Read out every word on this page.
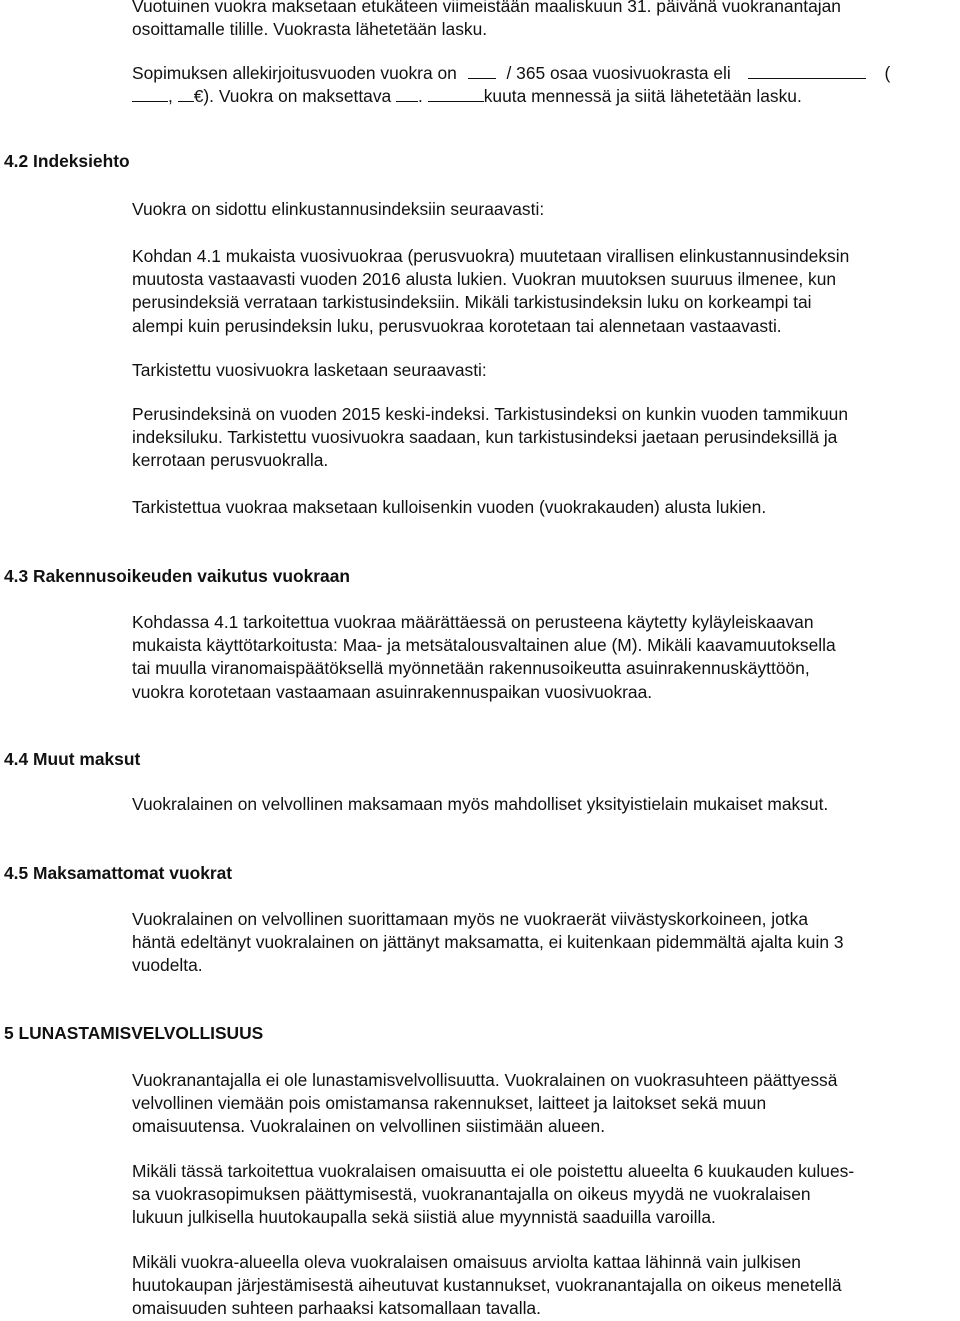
Vuotuinen vuokra maksetaan etukäteen viimeistään maaliskuun 31. päivänä vuokranantajan
osoittamalle tilille. Vuokrasta lähetetään lasku.
Sopimuksen allekirjoitusvuoden vuokra on	/ 365 osaa vuosivuokrasta eli	(
, €). Vuokra on maksettava .	kuuta mennessä ja siitä lähetetään lasku.
4.2 Indeksiehto
Vuokra on sidottu elinkustannusindeksiin seuraavasti:
Kohdan 4.1 mukaista vuosivuokraa (perusvuokra) muutetaan virallisen elinkustannusindeksin
muutosta vastaavasti vuoden 2016 alusta lukien. Vuokran muutoksen suuruus ilmenee, kun
perusindeksiä verrataan tarkistusindeksiin. Mikäli tarkistusindeksin luku on korkeampi tai
alempi kuin perusindeksin luku, perusvuokraa korotetaan tai alennetaan vastaavasti.
Tarkistettu vuosivuokra lasketaan seuraavasti:
Perusindeksinä on vuoden 2015 keski-indeksi. Tarkistusindeksi on kunkin vuoden tammikuun
indeksiluku. Tarkistettu vuosivuokra saadaan, kun tarkistusindeksi jaetaan perusindeksillä ja
kerrotaan perusvuokralla.
Tarkistettua vuokraa maksetaan kulloisenkin vuoden (vuokrakauden) alusta lukien.
4.3 Rakennusoikeuden vaikutus vuokraan
Kohdassa 4.1 tarkoitettua vuokraa määrättäessä on perusteena käytetty kyläyleiskaavan
mukaista käyttötarkoitusta: Maa- ja metsätalousvaltainen alue (M). Mikäli kaavamuutoksella
tai muulla viranomaispäätöksellä myönnetään rakennusoikeutta asuinrakennuskäyttöön,
vuokra korotetaan vastaamaan asuinrakennuspaikan vuosivuokraa.
4.4 Muut maksut
Vuokralainen on velvollinen maksamaan myös mahdolliset yksityistielain mukaiset maksut.
4.5 Maksamattomat vuokrat
Vuokralainen on velvollinen suorittamaan myös ne vuokraerät viivästyskorkoineen, jotka
häntä edeltänyt vuokralainen on jättänyt maksamatta, ei kuitenkaan pidemmältä ajalta kuin 3
vuodelta.
5 LUNASTAMISVELVOLLISUUS
Vuokranantajalla ei ole lunastamisvelvollisuutta. Vuokralainen on vuokrasuhteen päättyessä
velvollinen viemään pois omistamansa rakennukset, laitteet ja laitokset sekä muun
omaisuutensa. Vuokralainen on velvollinen siistimään alueen.
Mikäli tässä tarkoitettua vuokralaisen omaisuutta ei ole poistettu alueelta 6 kuukauden kulues-
sa vuokrasopimuksen päättymisestä, vuokranantajalla on oikeus myydä ne vuokralaisen
lukuun julkisella huutokaupalla sekä siistiä alue myynnistä saaduilla varoilla.
Mikäli vuokra-alueella oleva vuokralaisen omaisuus arviolta kattaa lähinnä vain julkisen
huutokaupan järjestämisestä aiheutuvat kustannukset, vuokranantajalla on oikeus menetellä
omaisuuden suhteen parhaaksi katsomallaan tavalla.
